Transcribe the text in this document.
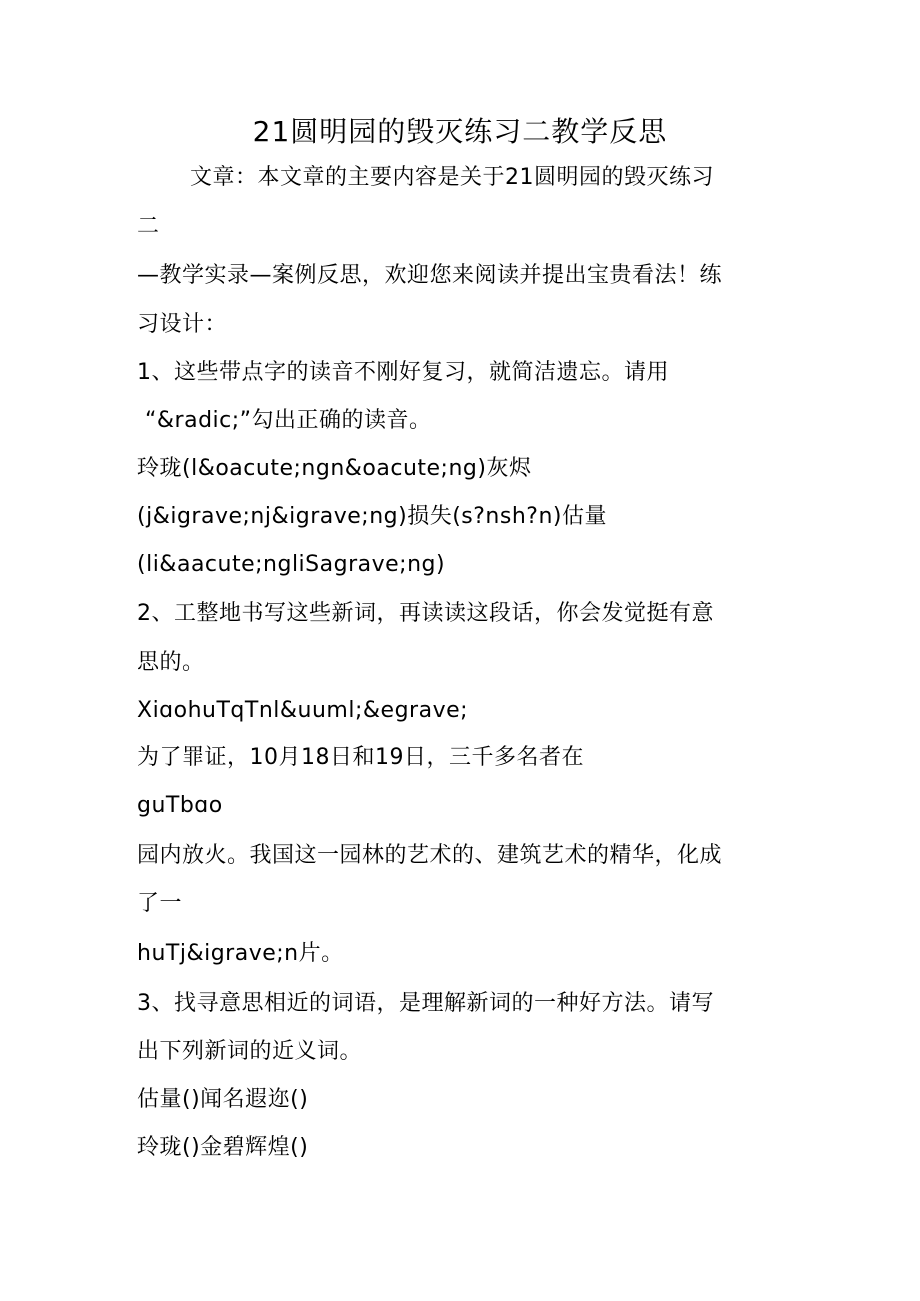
21圆明园的毁灭练习二教学反思
文章：本文章的主要内容是关于21圆明园的毁灭练习
二
—教学实录—案例反思，欢迎您来阅读并提出宝贵看法！练
习设计：
1、这些带点字的读音不刚好复习，就简洁遗忘。请用
“&radic;”勾出正确的读音。
玲珑(l&oacute;ngn&oacute;ng)灰烬
(j&igrave;nj&igrave;ng)损失(s?nsh?n)估量
(li&aacute;ngliSagrave;ng)
2、工整地书写这些新词，再读读这段话，你会发觉挺有意
思的。
XiɑohuTqTnl&uuml;&egrave;
为了罪证，10月18日和19日，三千多名者在
guTbɑo
园内放火。我国这一园林的艺术的、建筑艺术的精华，化成
了一
huTj&igrave;n片。
3、找寻意思相近的词语，是理解新词的一种好方法。请写
出下列新词的近义词。
估量()闻名遐迩()
玲珑()金碧辉煌()
